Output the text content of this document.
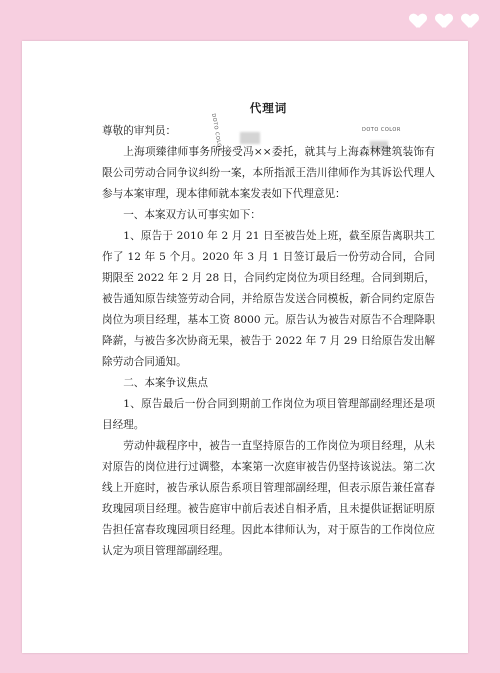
DOTO COLOR	DOTO COLOR

代理词

尊敬的审判员：

上海项臻律师事务所接受冯××委托，就其与上海森林建筑装饰有限公司劳动合同争议纠纷一案，本所指派王浩川律师作为其诉讼代理人参与本案审理，现本律师就本案发表如下代理意见：

一、本案双方认可事实如下：

1、原告于 2010 年 2 月 21 日至被告处上班，截至原告离职共工作了 12 年 5 个月。2020 年 3 月 1 日签订最后一份劳动合同，合同期限至 2022 年 2 月 28 日，合同约定岗位为项目经理。合同到期后，被告通知原告续签劳动合同，并给原告发送合同模板，新合同约定原告岗位为项目经理，基本工资 8000 元。原告认为被告对原告不合理降职降薪，与被告多次协商无果，被告于 2022 年 7 月 29 日给原告发出解除劳动合同通知。

二、本案争议焦点

1、原告最后一份合同到期前工作岗位为项目管理部副经理还是项目经理。

劳动仲裁程序中，被告一直坚持原告的工作岗位为项目经理，从未对原告的岗位进行过调整，本案第一次庭审被告仍坚持该说法。第二次线上开庭时，被告承认原告系项目管理部副经理，但表示原告兼任富春玫瑰园项目经理。被告庭审中前后表述自相矛盾，且未提供证据证明原告担任富春玫瑰园项目经理。因此本律师认为，对于原告的工作岗位应认定为项目管理部副经理。
